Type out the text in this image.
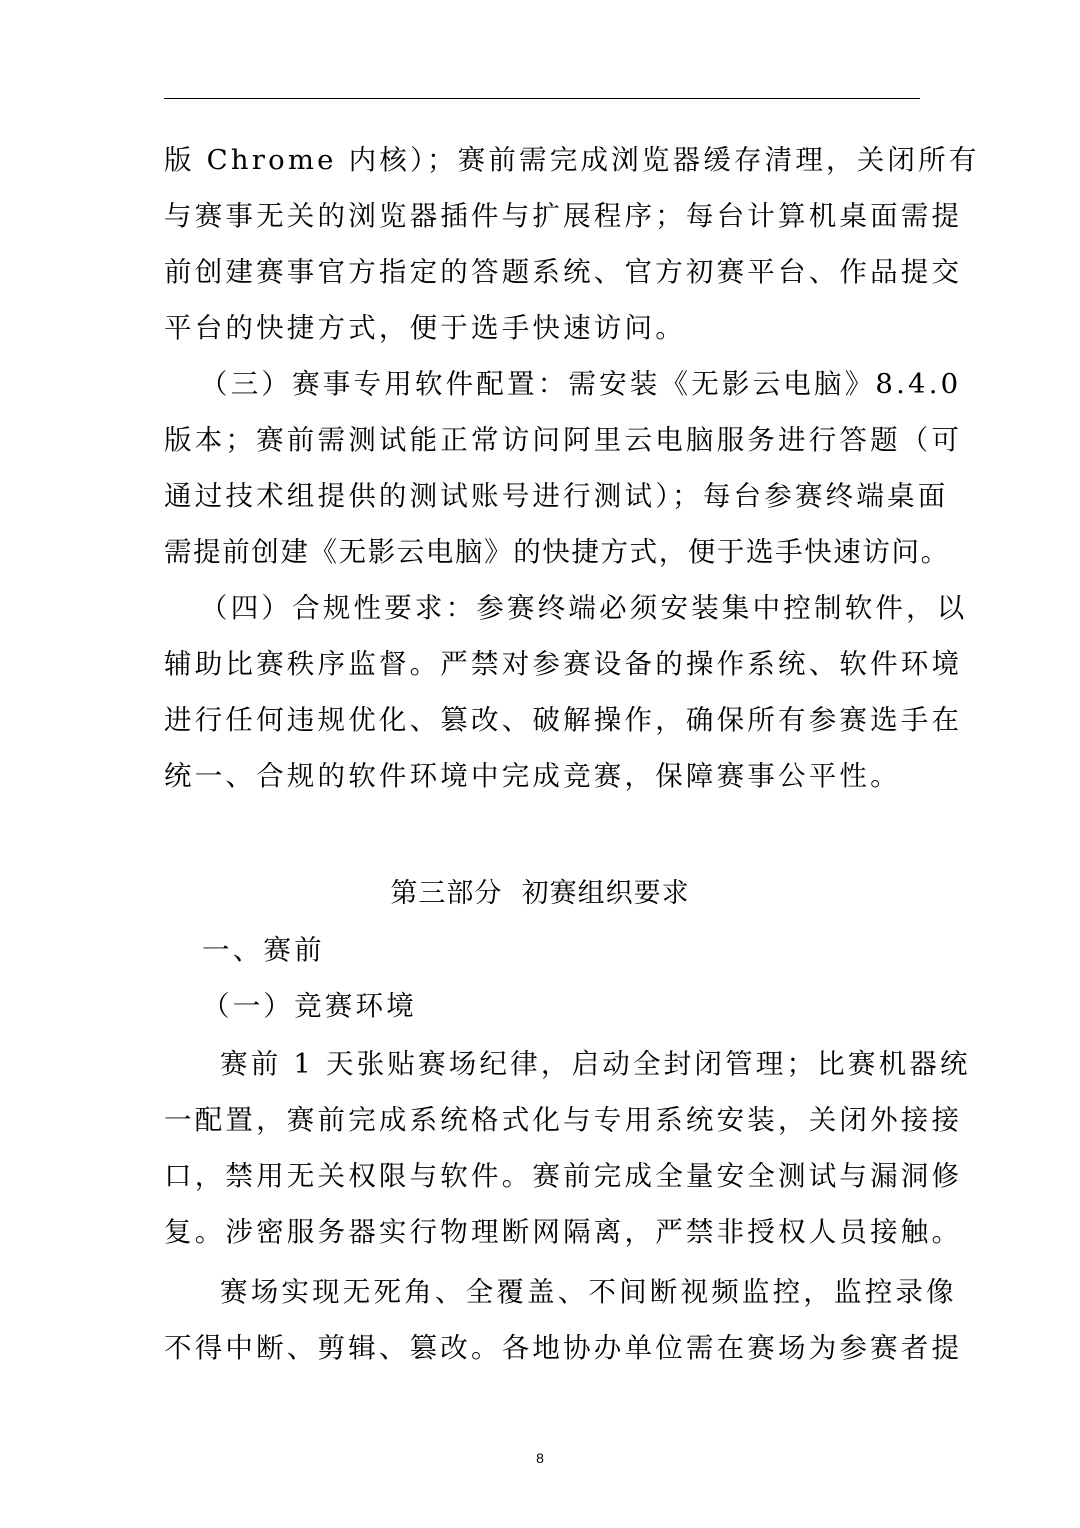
版 Chrome 内核）；赛前需完成浏览器缓存清理，关闭所有
与赛事无关的浏览器插件与扩展程序；每台计算机桌面需提
前创建赛事官方指定的答题系统、官方初赛平台、作品提交
平台的快捷方式，便于选手快速访问。
（三）赛事专用软件配置：需安装《无影云电脑》8.4.0
版本；赛前需测试能正常访问阿里云电脑服务进行答题（可
通过技术组提供的测试账号进行测试）；每台参赛终端桌面
需提前创建《无影云电脑》的快捷方式，便于选手快速访问。
（四）合规性要求：参赛终端必须安装集中控制软件，以
辅助比赛秩序监督。严禁对参赛设备的操作系统、软件环境
进行任何违规优化、篡改、破解操作，确保所有参赛选手在
统一、合规的软件环境中完成竞赛，保障赛事公平性。
第三部分  初赛组织要求
一、赛前
（一）竞赛环境
赛前 1 天张贴赛场纪律，启动全封闭管理；比赛机器统
一配置，赛前完成系统格式化与专用系统安装，关闭外接接
口，禁用无关权限与软件。赛前完成全量安全测试与漏洞修
复。涉密服务器实行物理断网隔离，严禁非授权人员接触。
赛场实现无死角、全覆盖、不间断视频监控，监控录像
不得中断、剪辑、篡改。各地协办单位需在赛场为参赛者提
8
